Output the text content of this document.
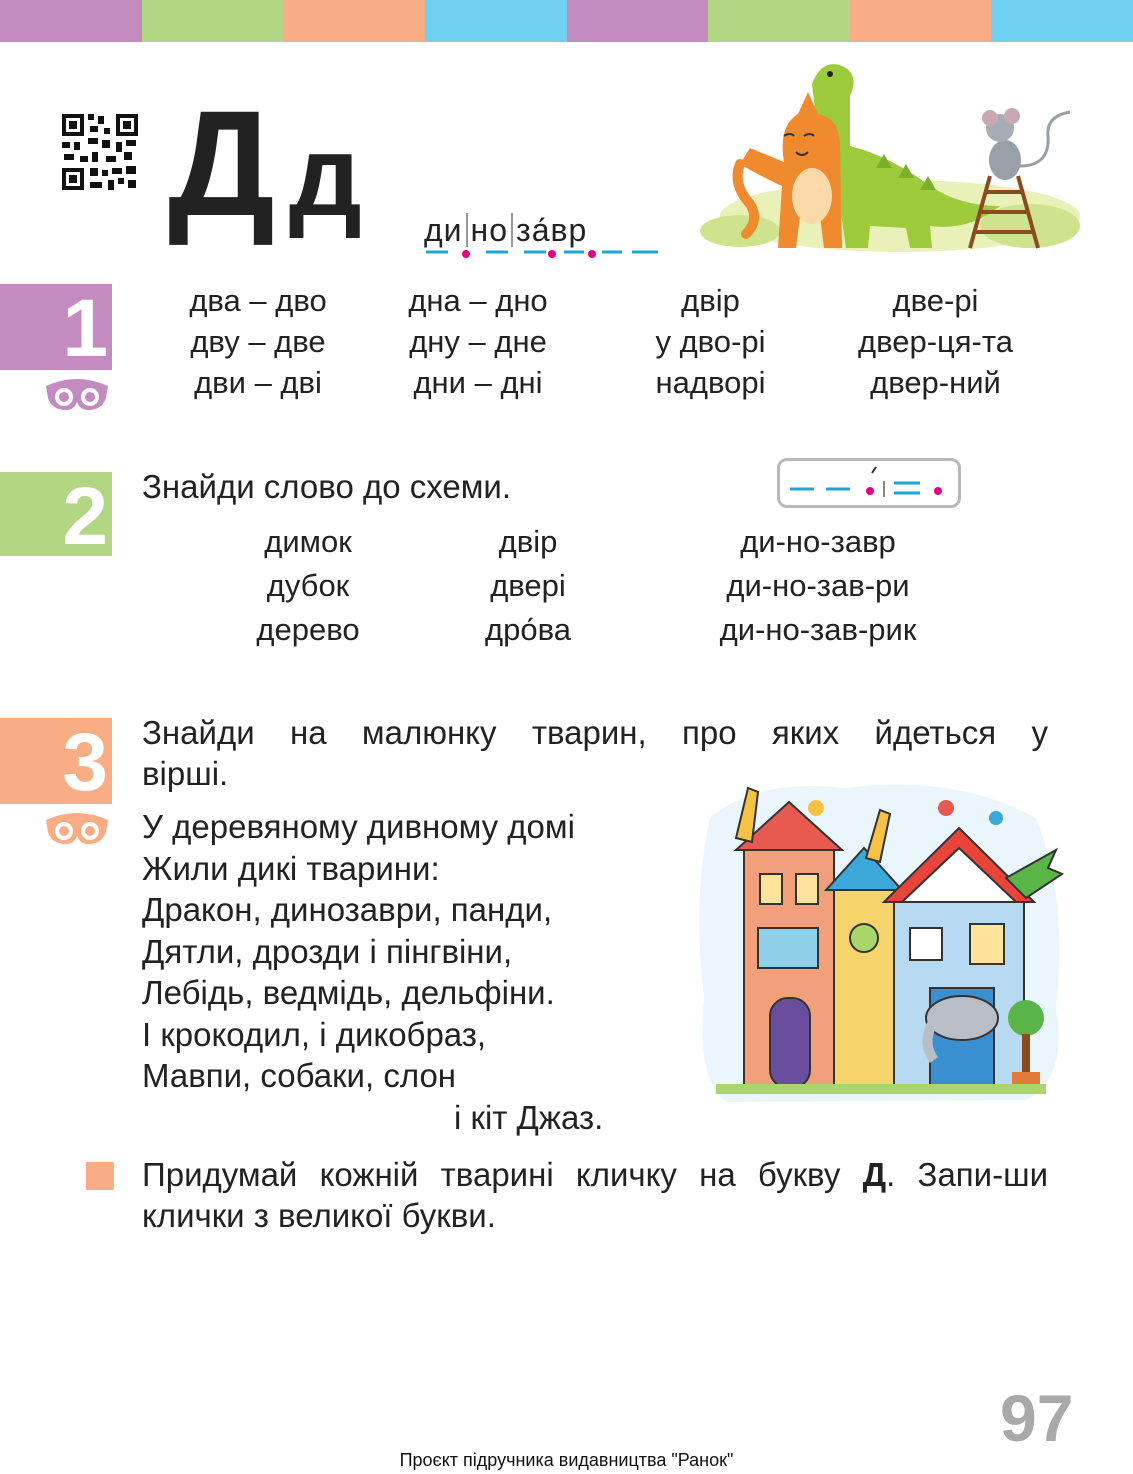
Д д ди но за́вр
1	два – дво	дна – дно	двір	две-рі
дву – две	дну – дне	у дво-рі	двер-ця-та
дви – дві	дни – дні	надворі	двер-ний
2 Знайди слово до схеми.
димок	двір	ди-но-завр
дубок	двері	ди-но-зав-ри
дерево	дро́ва	ди-но-зав-рик
3 Знайди на малюнку тварин, про яких йдеться у вірші.
У деревяному дивному домі
Жили дикі тварини:
Дракон, динозаври, панди,
Дятли, дрозди і пінгвіни,
Лебідь, ведмідь, дельфіни.
І крокодил, і дикобраз,
Мавпи, собаки, слон
і кіт Джаз.
Придумай кожній тварині кличку на букву Д. Запи-ши клички з великої букви.
97
Проєкт підручника видавництва "Ранок"
